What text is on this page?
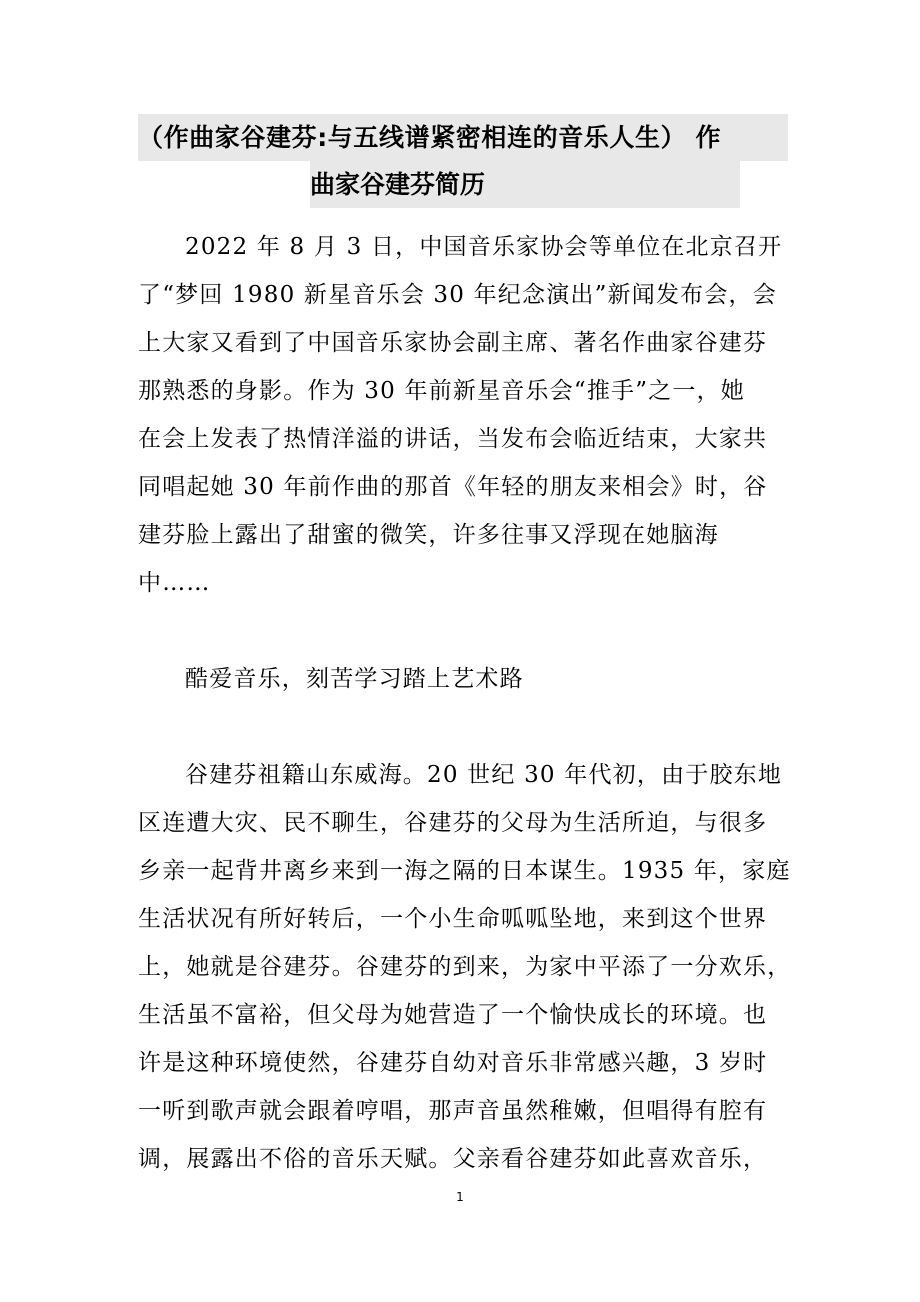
（作曲家谷建芬:与五线谱紧密相连的音乐人生） 作
曲家谷建芬简历
2022 年 8 月 3 日，中国音乐家协会等单位在北京召开
了“梦回 1980 新星音乐会 30 年纪念演出”新闻发布会，会
上大家又看到了中国音乐家协会副主席、著名作曲家谷建芬
那熟悉的身影。作为 30 年前新星音乐会“推手”之一，她
在会上发表了热情洋溢的讲话，当发布会临近结束，大家共
同唱起她 30 年前作曲的那首《年轻的朋友来相会》时，谷
建芬脸上露出了甜蜜的微笑，许多往事又浮现在她脑海
中……
酷爱音乐，刻苦学习踏上艺术路
谷建芬祖籍山东威海。20 世纪 30 年代初，由于胶东地
区连遭大灾、民不聊生，谷建芬的父母为生活所迫，与很多
乡亲一起背井离乡来到一海之隔的日本谋生。1935 年，家庭
生活状况有所好转后，一个小生命呱呱坠地，来到这个世界
上，她就是谷建芬。谷建芬的到来，为家中平添了一分欢乐，
生活虽不富裕，但父母为她营造了一个愉快成长的环境。也
许是这种环境使然，谷建芬自幼对音乐非常感兴趣，3 岁时
一听到歌声就会跟着哼唱，那声音虽然稚嫩，但唱得有腔有
调，展露出不俗的音乐天赋。父亲看谷建芬如此喜欢音乐，
1
